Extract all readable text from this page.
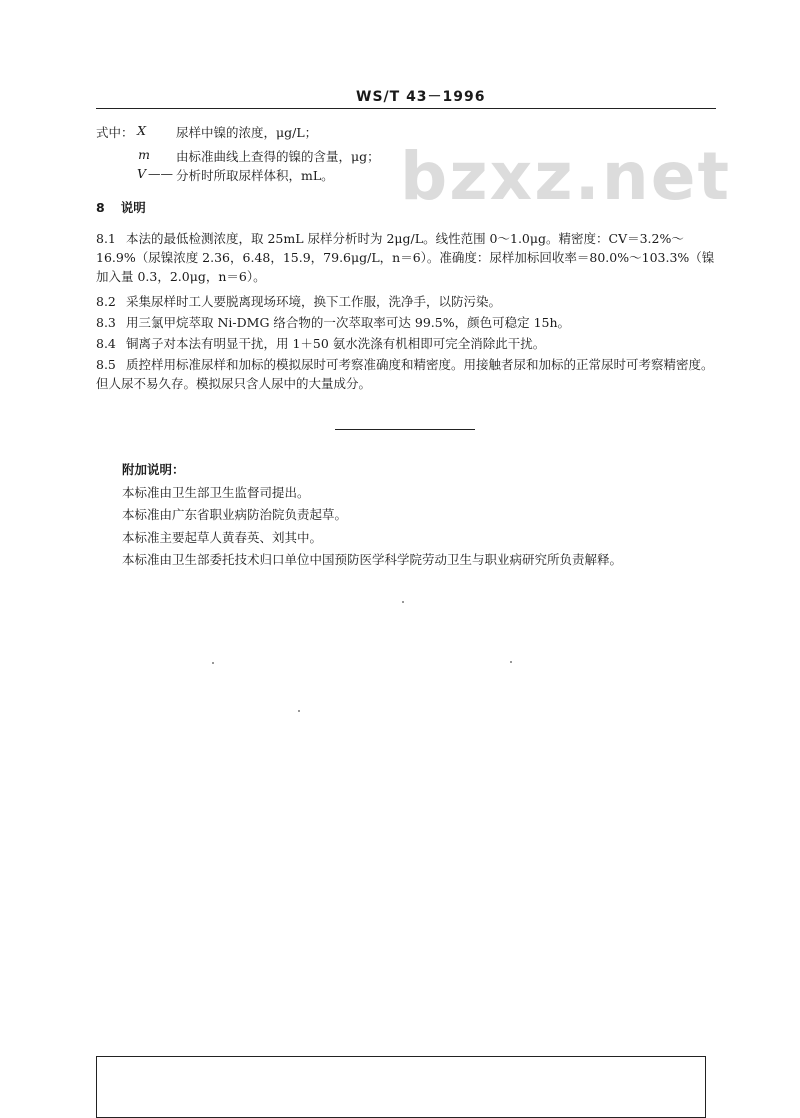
WS/T 43－1996
bzxz.net
式中： X 尿样中镍的浓度，μg/L；
m 由标准曲线上查得的镍的含量，μg；
V —— 分析时所取尿样体积，mL。
8 说明
8.1 本法的最低检测浓度，取 25mL 尿样分析时为 2μg/L。线性范围 0～1.0μg。精密度：CV＝3.2%～16.9%（尿镍浓度 2.36，6.48，15.9，79.6μg/L，n＝6）。准确度：尿样加标回收率＝80.0%～103.3%（镍加入量 0.3，2.0μg，n＝6）。
8.2 采集尿样时工人要脱离现场环境，换下工作服，洗净手，以防污染。
8.3 用三氯甲烷萃取 Ni-DMG 络合物的一次萃取率可达 99.5%，颜色可稳定 15h。
8.4 铜离子对本法有明显干扰，用 1＋50 氨水洗涤有机相即可完全消除此干扰。
8.5 质控样用标准尿样和加标的模拟尿时可考察准确度和精密度。用接触者尿和加标的正常尿时可考察精密度。但人尿不易久存。模拟尿只含人尿中的大量成分。
附加说明：
本标准由卫生部卫生监督司提出。
本标准由广东省职业病防治院负责起草。
本标准主要起草人黄春英、刘其中。
本标准由卫生部委托技术归口单位中国预防医学科学院劳动卫生与职业病研究所负责解释。
